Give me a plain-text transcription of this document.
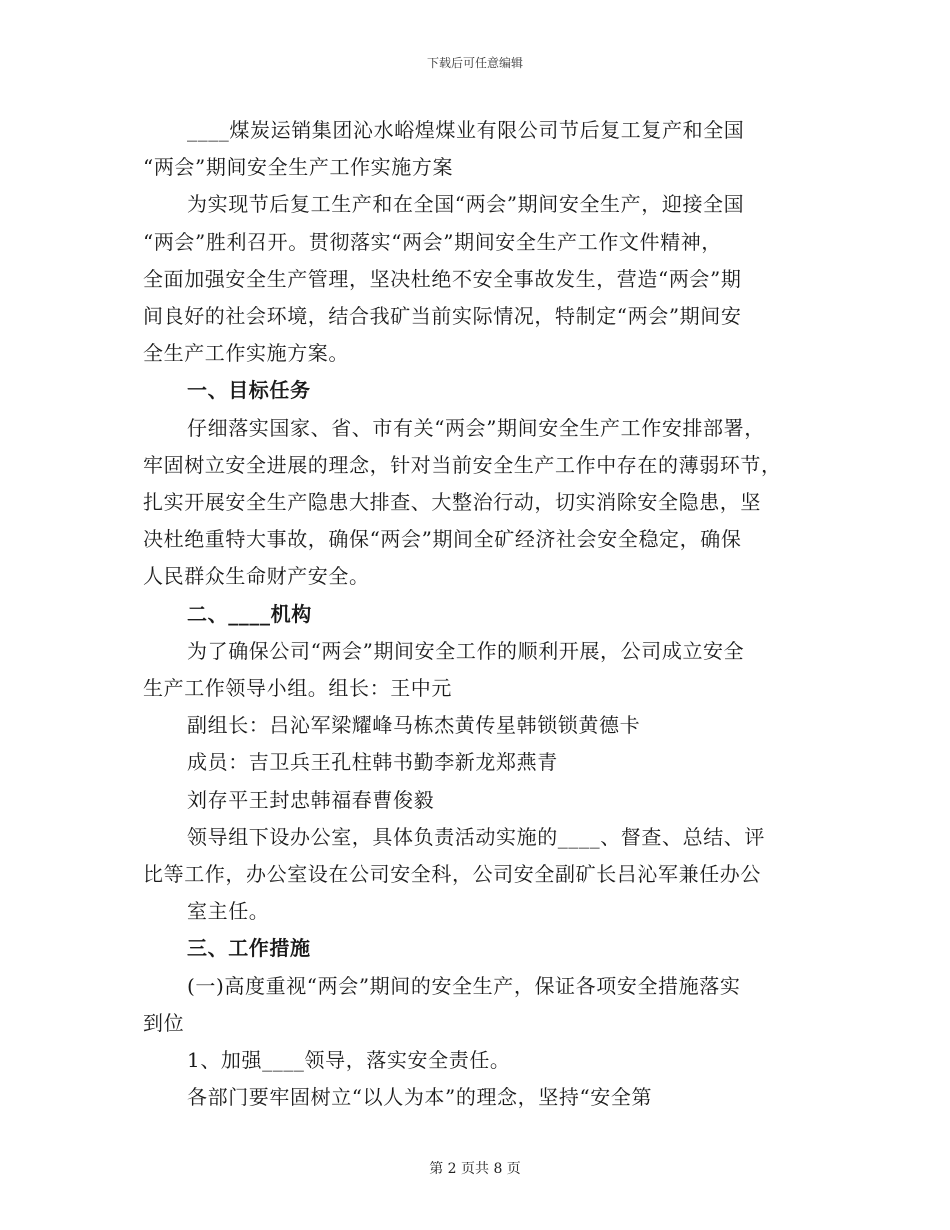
下载后可任意编辑
____煤炭运销集团沁水峪煌煤业有限公司节后复工复产和全国
“两会”期间安全生产工作实施方案
为实现节后复工生产和在全国“两会”期间安全生产，迎接全国
“两会”胜利召开。贯彻落实“两会”期间安全生产工作文件精神，
全面加强安全生产管理，坚决杜绝不安全事故发生，营造“两会”期
间良好的社会环境，结合我矿当前实际情况，特制定“两会”期间安
全生产工作实施方案。
一、目标任务
仔细落实国家、省、市有关“两会”期间安全生产工作安排部署，
牢固树立安全进展的理念，针对当前安全生产工作中存在的薄弱环节，
扎实开展安全生产隐患大排查、大整治行动，切实消除安全隐患，坚
决杜绝重特大事故，确保“两会”期间全矿经济社会安全稳定，确保
人民群众生命财产安全。
二、____机构
为了确保公司“两会”期间安全工作的顺利开展，公司成立安全
生产工作领导小组。组长：王中元
副组长：吕沁军梁耀峰马栋杰黄传星韩锁锁黄德卡
成员：吉卫兵王孔柱韩书勤李新龙郑燕青
刘存平王封忠韩福春曹俊毅
领导组下设办公室，具体负责活动实施的____、督查、总结、评
比等工作，办公室设在公司安全科，公司安全副矿长吕沁军兼任办公
室主任。
三、工作措施
(一)高度重视“两会”期间的安全生产，保证各项安全措施落实
到位
1、加强____领导，落实安全责任。
各部门要牢固树立“以人为本”的理念，坚持“安全第
第 2 页共 8 页
